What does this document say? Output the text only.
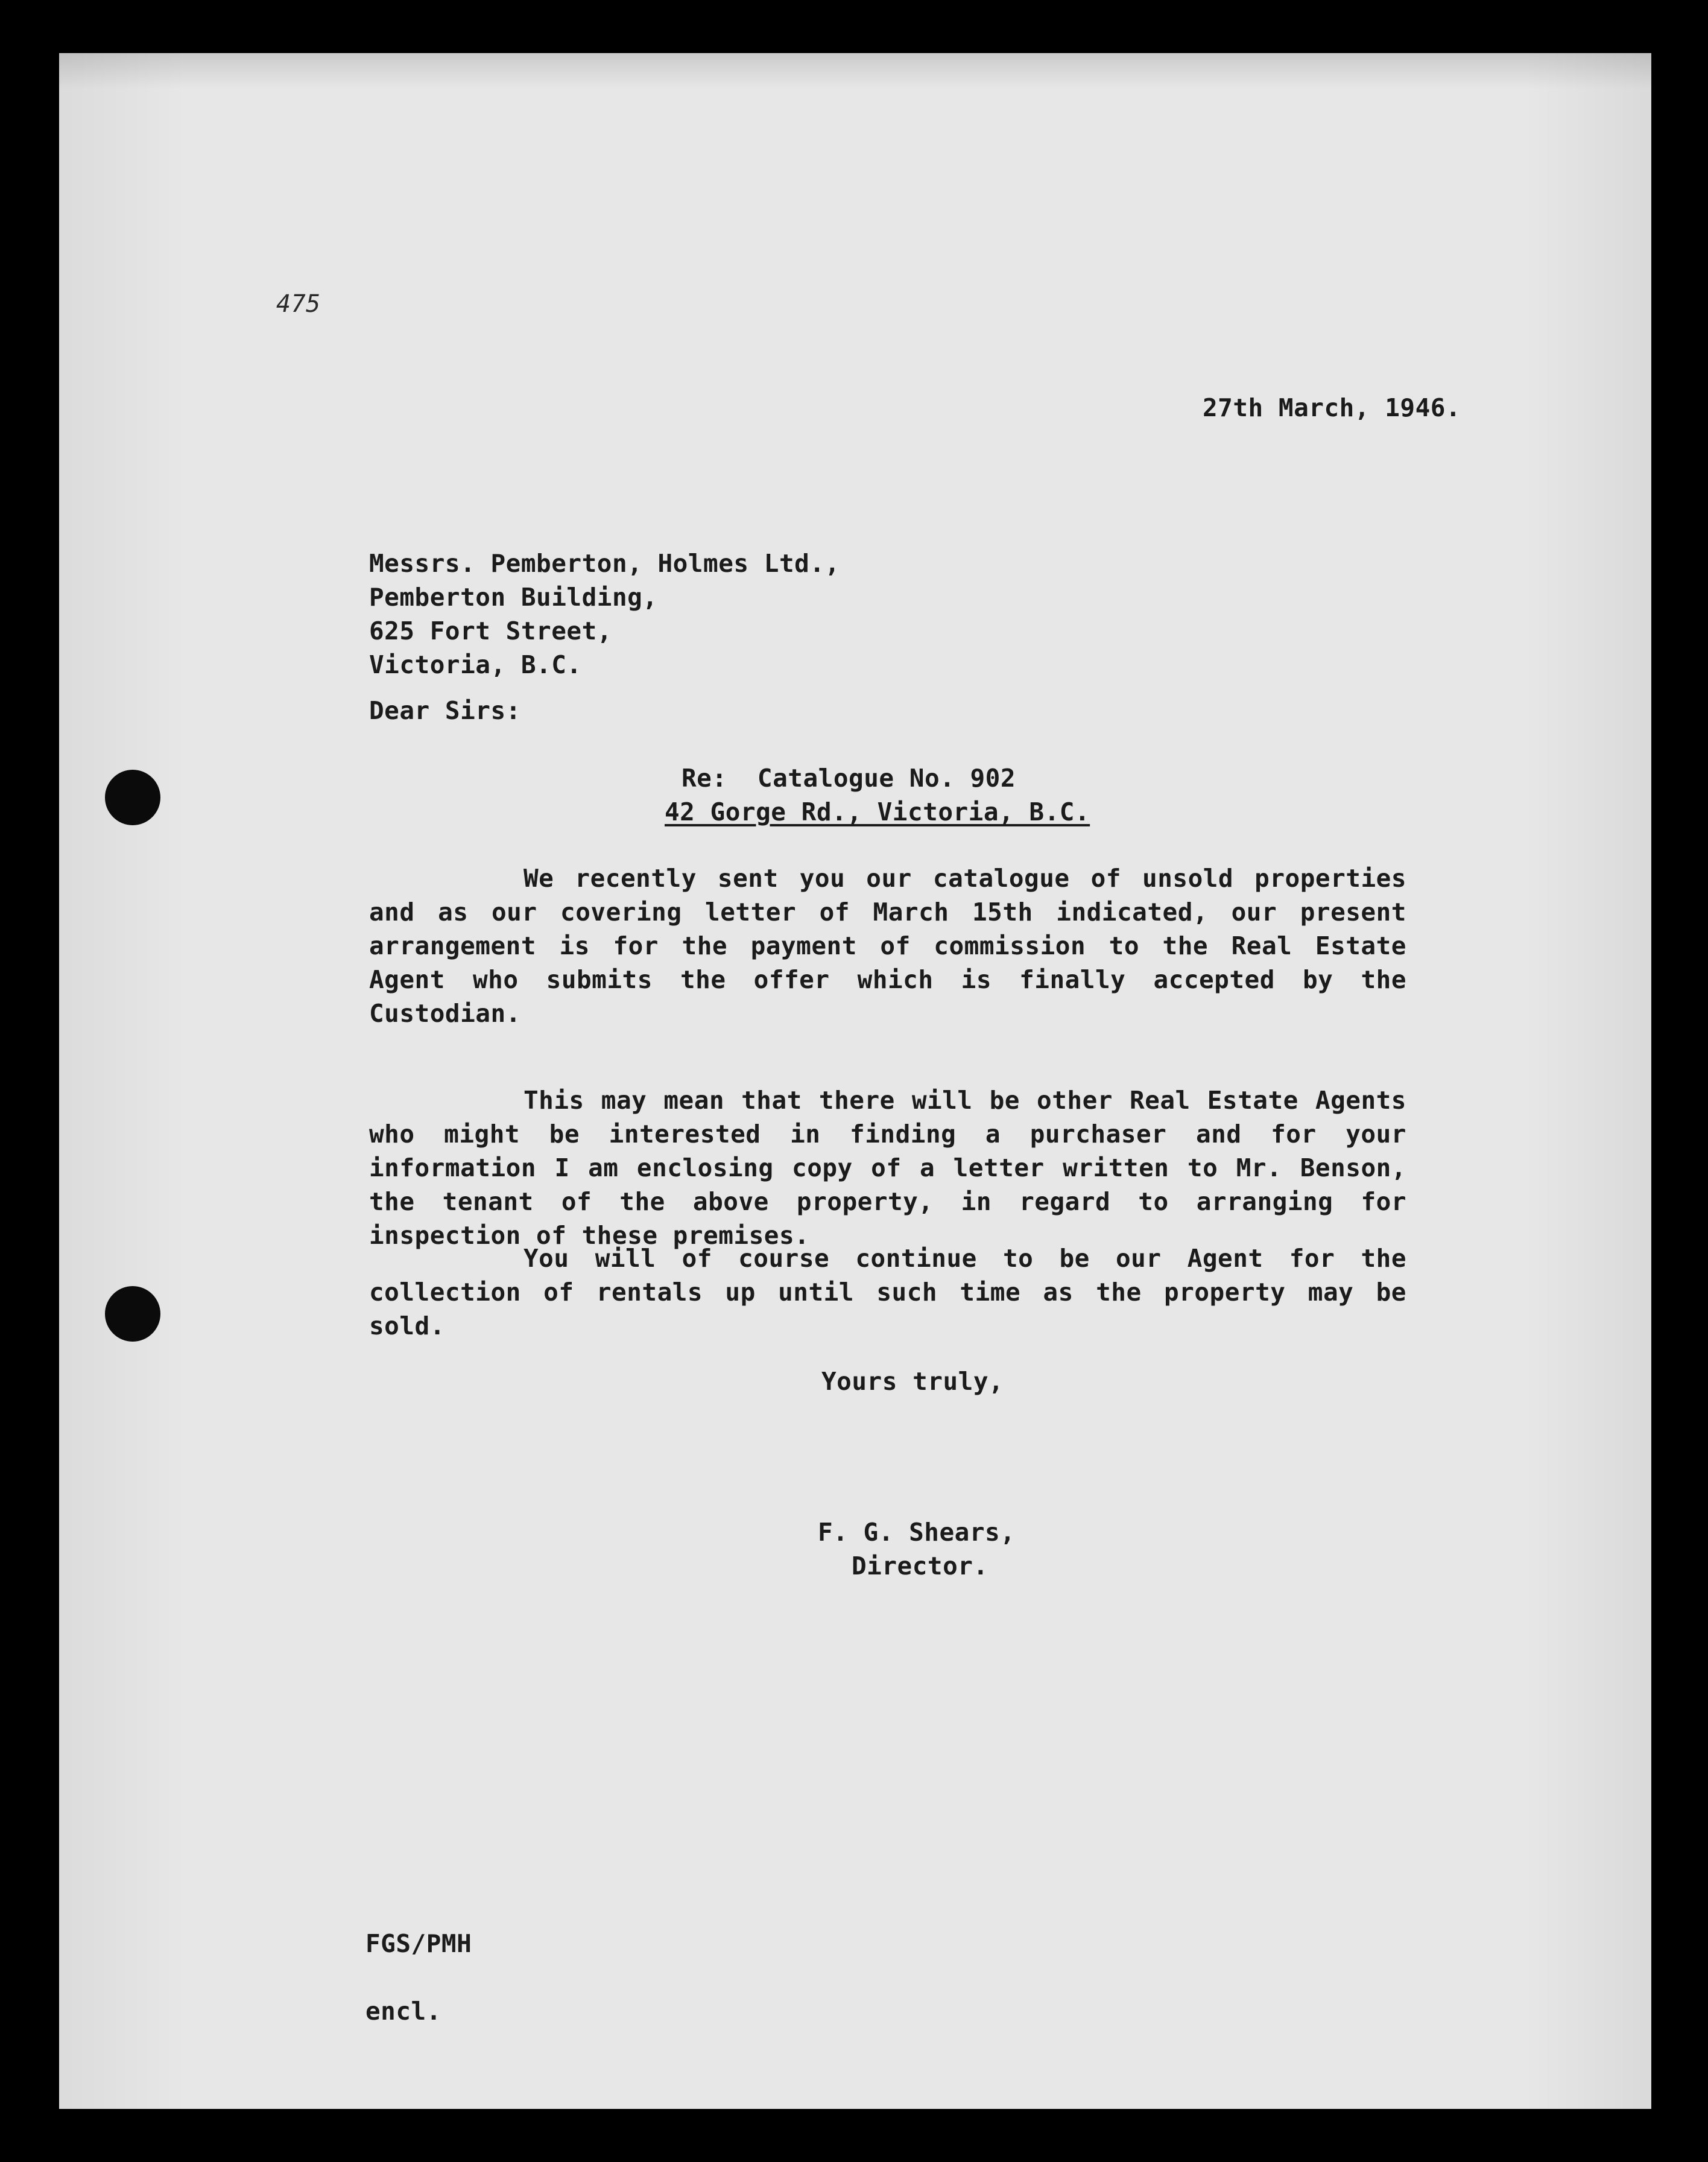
475
27th March, 1946.
Messrs. Pemberton, Holmes Ltd.,
Pemberton Building,
625 Fort Street,
Victoria, B.C.
Dear Sirs:
Re:  Catalogue No. 902
42 Gorge Rd., Victoria, B.C.
We recently sent you our catalogue of unsold properties and as our covering letter of March 15th indicated, our present arrangement is for the payment of commission to the Real Estate Agent who submits the offer which is finally accepted by the Custodian.
This may mean that there will be other Real Estate Agents who might be interested in finding a purchaser and for your information I am enclosing copy of a letter written to Mr. Benson, the tenant of the above property, in regard to arranging for inspection of these premises.
You will of course continue to be our Agent for the collection of rentals up until such time as the property may be sold.
Yours truly,
F. G. Shears,
Director.
FGS/PMH
encl.
